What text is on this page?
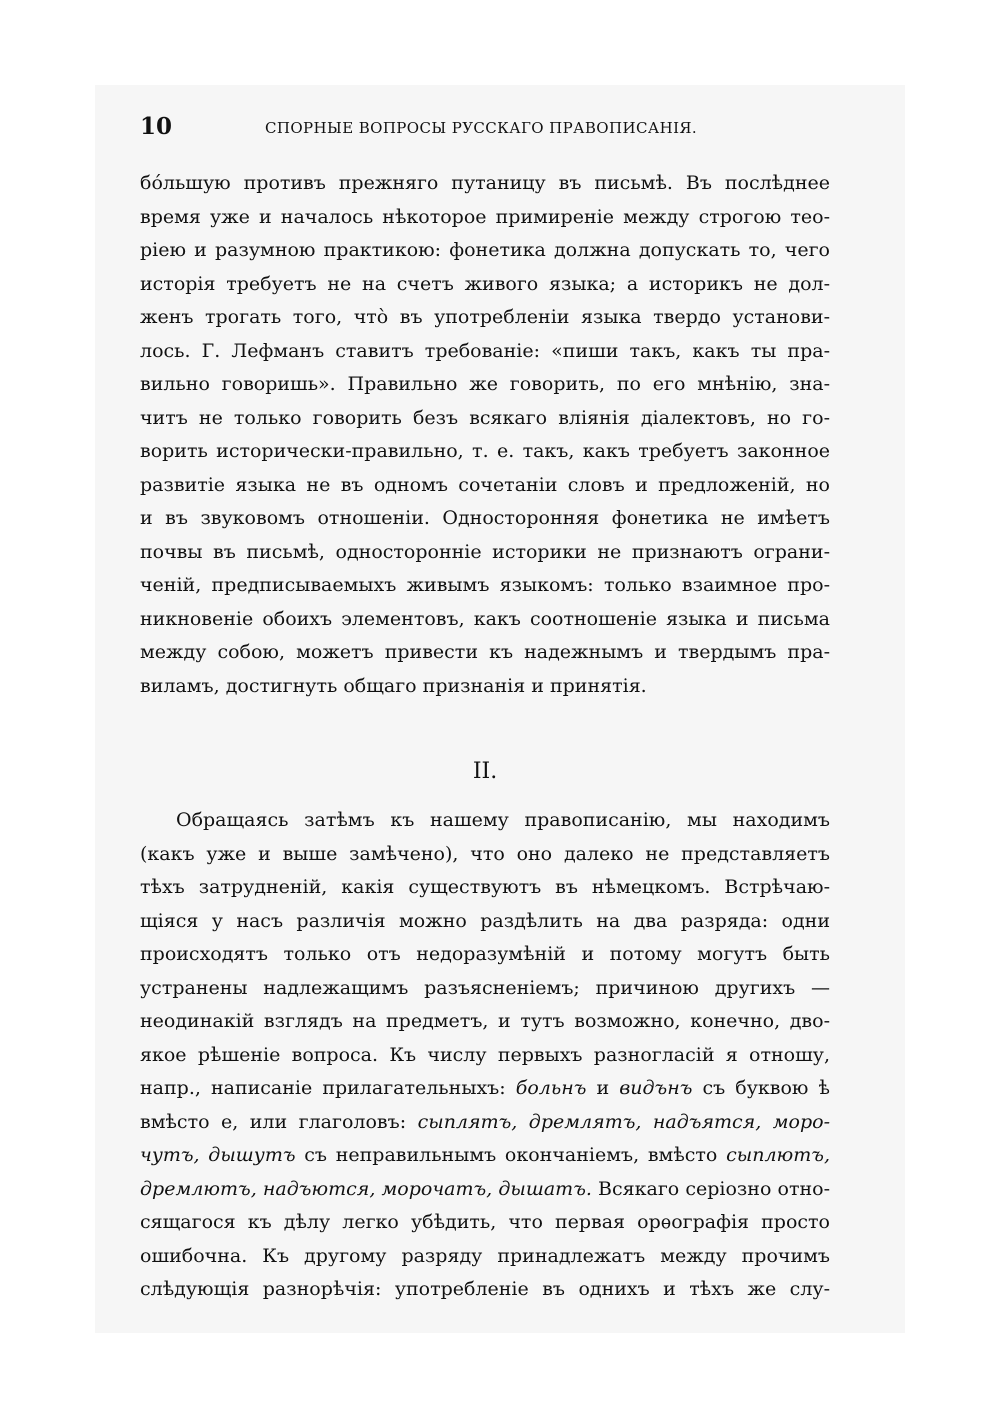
10	СПОРНЫЕ ВОПРОСЫ РУССКАГО ПРАВОПИСАНІЯ.
бо́льшую противъ прежняго путаницу въ письмѣ. Въ послѣднее
время уже и началось нѣкоторое примиреніе между строгою тео-
ріею и разумною практикою: фонетика должна допускать то, чего
исторія требуетъ не на счетъ живого языка; а историкъ не дол-
женъ трогать того, что̀ въ употребленіи языка твердо установи-
лось. Г. Лефманъ ставитъ требованіе: «пиши такъ, какъ ты пра-
вильно говоришь». Правильно же говорить, по его мнѣнію, зна-
читъ не только говорить безъ всякаго вліянія діалектовъ, но го-
ворить исторически-правильно, т. е. такъ, какъ требуетъ законное
развитіе языка не въ одномъ сочетаніи словъ и предложеній, но
и въ звуковомъ отношеніи. Односторонняя фонетика не имѣетъ
почвы въ письмѣ, односторонніе историки не признаютъ ограни-
ченій, предписываемыхъ живымъ языкомъ: только взаимное про-
никновеніе обоихъ элементовъ, какъ соотношеніе языка и письма
между собою, можетъ привести къ надежнымъ и твердымъ пра-
виламъ, достигнуть общаго признанія и принятія.
II.
Обращаясь затѣмъ къ нашему правописанію, мы находимъ
(какъ уже и выше замѣчено), что оно далеко не представляетъ
тѣхъ затрудненій, какія существуютъ въ нѣмецкомъ. Встрѣчаю-
щіяся у насъ различія можно раздѣлить на два разряда: одни
происходятъ только отъ недоразумѣній и потому могутъ быть
устранены надлежащимъ разъясненіемъ; причиною другихъ —
неодинакій взглядъ на предметъ, и тутъ возможно, конечно, дво-
якое рѣшеніе вопроса. Къ числу первыхъ разногласій я отношу,
напр., написаніе прилагательныхъ: больнъ и видънъ съ буквою ѣ
вмѣсто е, или глаголовъ: сыплятъ, дремлятъ, надъятся, моро-
чутъ, дышутъ съ неправильнымъ окончаніемъ, вмѣсто сыплютъ,
дремлютъ, надъются, морочатъ, дышатъ. Всякаго серіозно отно-
сящагося къ дѣлу легко убѣдить, что первая орѳографія просто
ошибочна. Къ другому разряду принадлежатъ между прочимъ
слѣдующія разнорѣчія: употребленіе въ однихъ и тѣхъ же слу-
